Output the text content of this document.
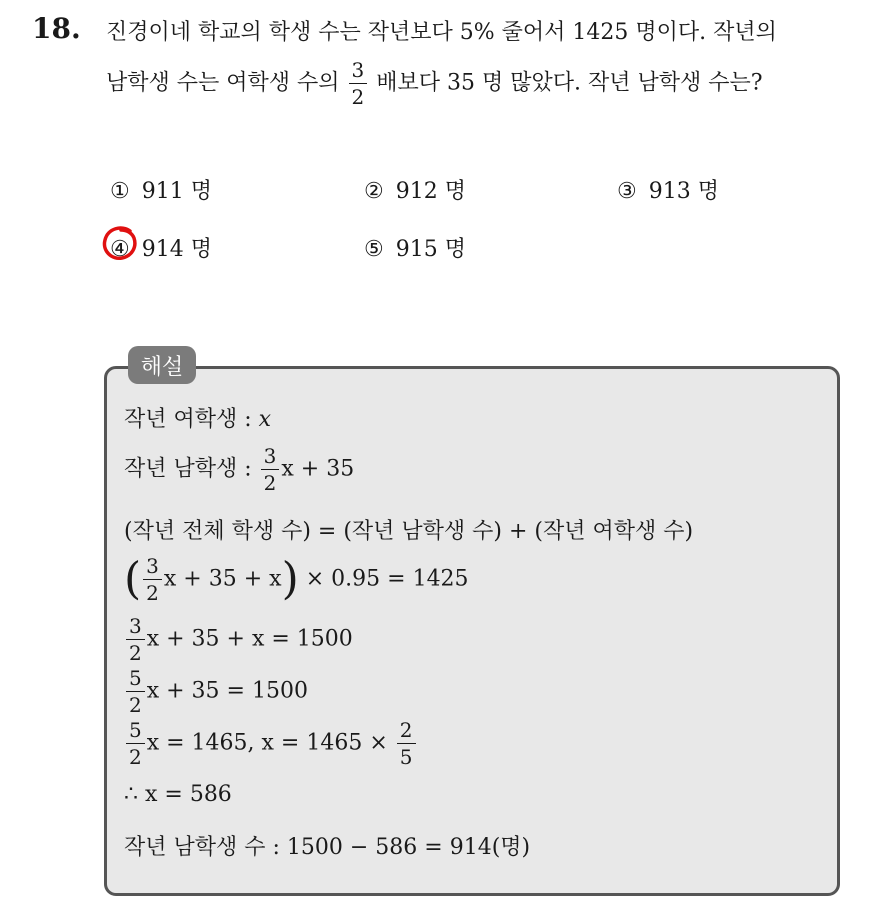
18. 진경이네 학교의 학생 수는 작년보다 5% 줄어서 1425 명이다. 작년의
남학생 수는 여학생 수의 $\frac{3}{2}$ 배보다 35 명 많았다. 작년 남학생 수는?
① 911 명	② 912 명	③ 913 명
④ 914 명	⑤ 915 명
해설
작년 여학생 : x
작년 남학생 : $\frac{3}{2}$ x + 35
(작년 전체 학생 수) = (작년 남학생 수) + (작년 여학생 수)
( $\frac{3}{2}$ x + 35 + x) × 0.95 = 1425
$\frac{3}{2}$ x + 35 + x = 1500
$\frac{5}{2}$ x + 35 = 1500
$\frac{5}{2}$ x = 1465, $x = 1465 \times \frac{2}{5}$
∴ x = 586
작년 남학생 수 : 1500 − 586 = 914(명)
